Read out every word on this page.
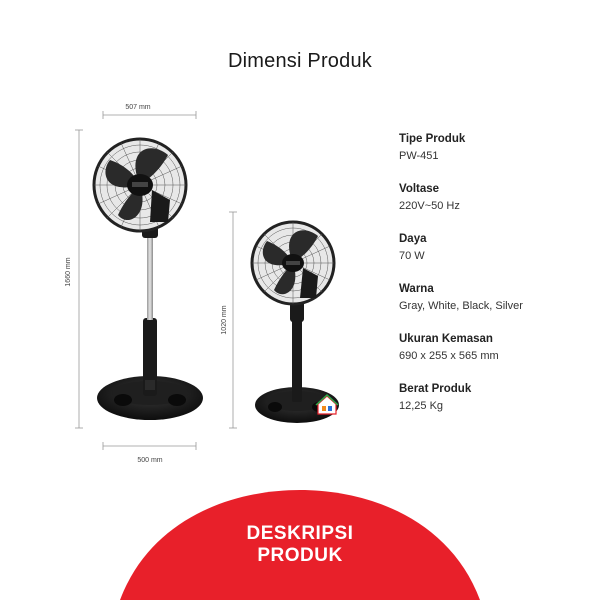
Dimensi Produk
507 mm
500 mm
1660 mm
1020 mm
Tipe Produk
PW-451
Voltase
220V~50 Hz
Daya
70 W
Warna
Gray, White, Black, Silver
Ukuran Kemasan
690 x 255 x 565 mm
Berat Produk
12,25 Kg
DESKRIPSI
PRODUK
